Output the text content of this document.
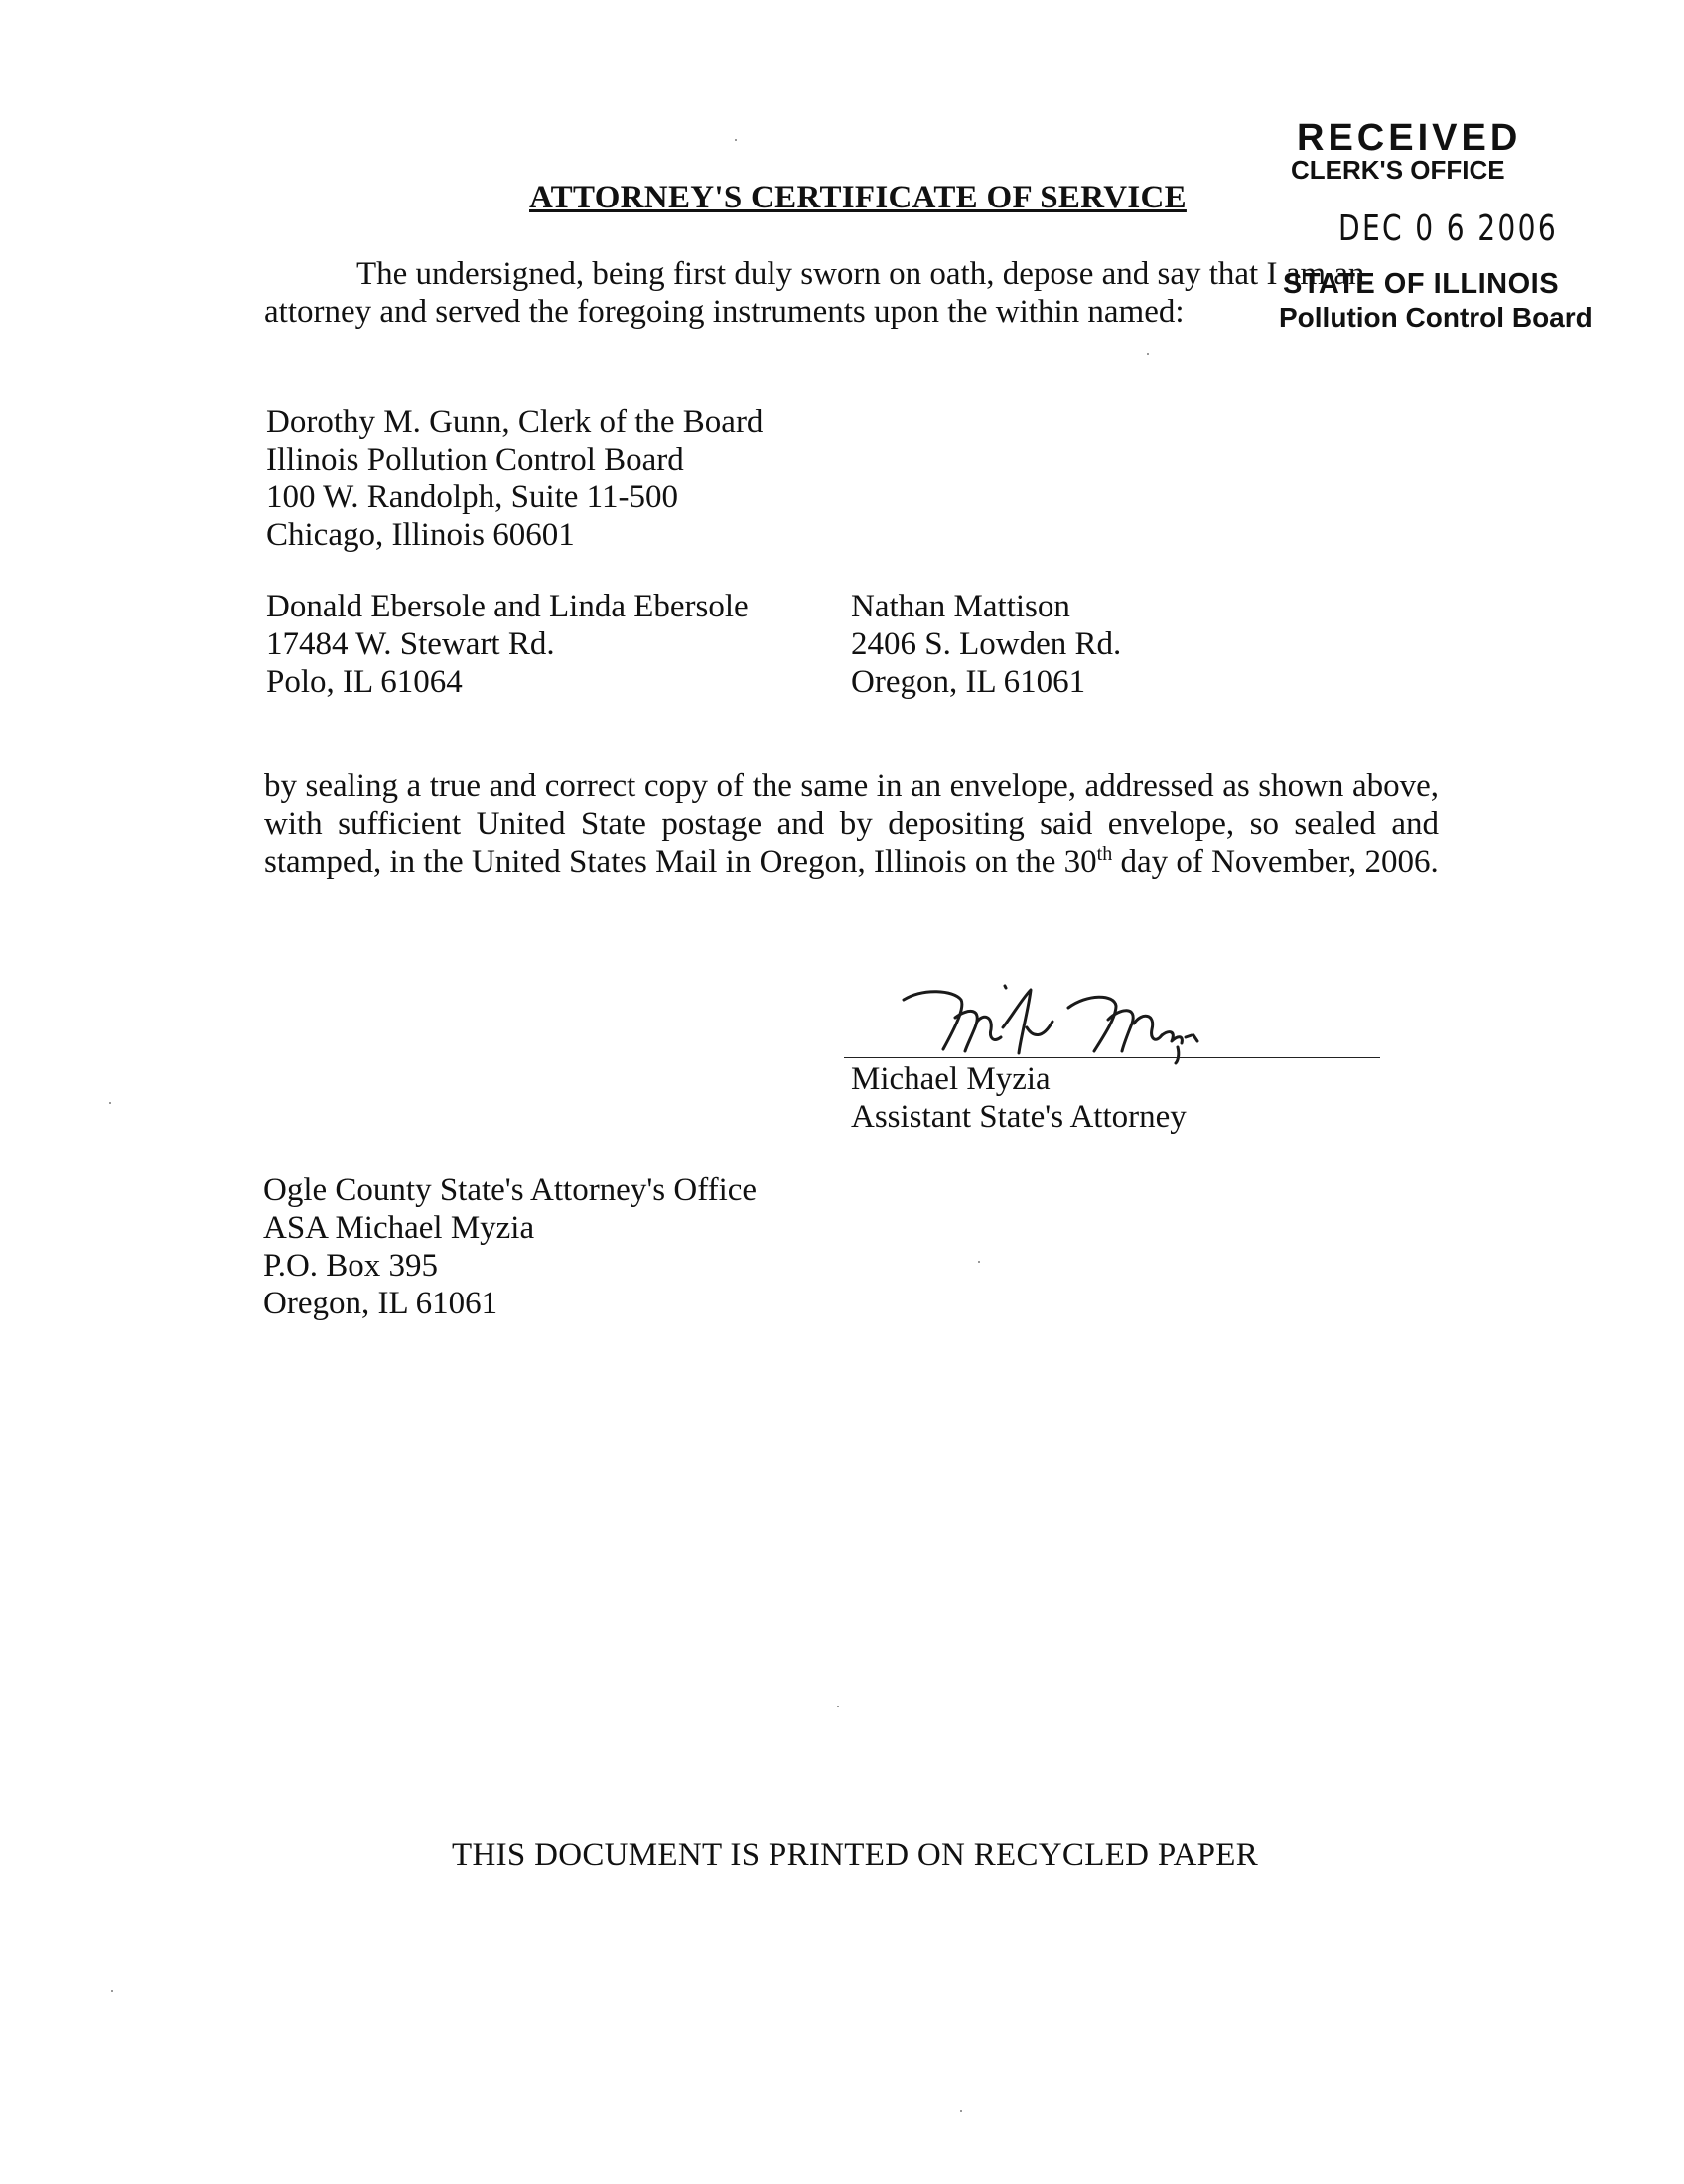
RECEIVED
CLERK'S OFFICE
DEC 0 6 2006
STATE OF ILLINOIS
Pollution Control Board
ATTORNEY'S CERTIFICATE OF SERVICE
The undersigned, being first duly sworn on oath, depose and say that I am an
attorney and served the foregoing instruments upon the within named:
Dorothy M. Gunn, Clerk of the Board
Illinois Pollution Control Board
100 W. Randolph, Suite 11-500
Chicago, Illinois 60601
Donald Ebersole and Linda Ebersole
17484 W. Stewart Rd.
Polo, IL 61064
Nathan Mattison
2406 S. Lowden Rd.
Oregon, IL 61061
by sealing a true and correct copy of the same in an envelope, addressed as shown above,
with sufficient United State postage and by depositing said envelope, so sealed and
stamped, in the United States Mail in Oregon, Illinois on the 30th day of November, 2006.
Michael Myzia
Assistant State's Attorney
Ogle County State's Attorney's Office
ASA Michael Myzia
P.O. Box 395
Oregon, IL 61061
THIS DOCUMENT IS PRINTED ON RECYCLED PAPER
